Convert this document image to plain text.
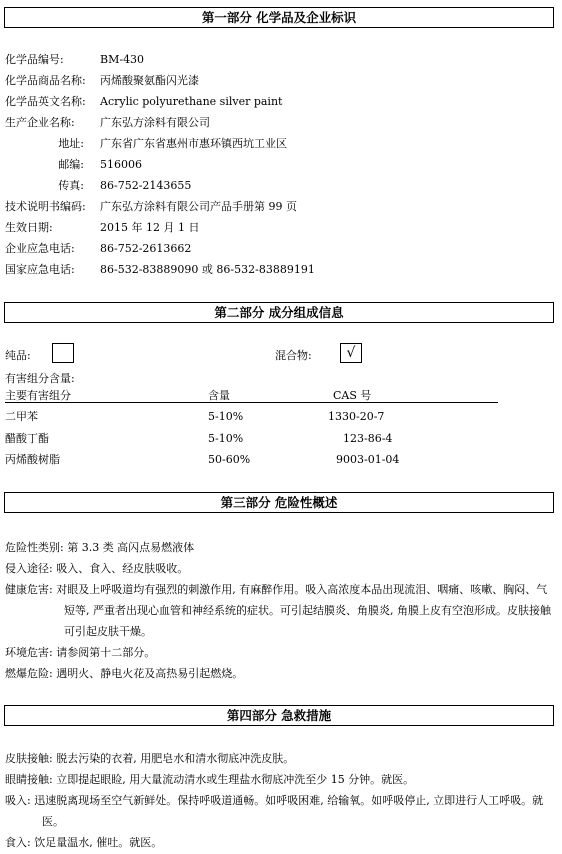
第一部分 化学品及企业标识
化学品编号:	BM-430
化学品商品名称: 丙烯酸聚氨酯闪光漆
化学品英文名称: Acrylic polyurethane silver paint
生产企业名称: 广东弘方涂料有限公司
地址: 广东省广东省惠州市惠环镇西坑工业区
邮编: 516006
传真: 86-752-2143655
技术说明书编码: 广东弘方涂料有限公司产品手册第 99 页
生效日期:	2015 年 12 月 1 日
企业应急电话: 86-752-2613662
国家应急电话: 86-532-83889090 或 86-532-83889191
第二部分 成分组成信息
纯品:	混合物:	√
有害组分含量:
主要有害组分	含量	CAS 号
二甲苯	5-10%	1330-20-7
醋酸丁酯	5-10%	123-86-4
丙烯酸树脂	50-60%	9003-01-04
第三部分 危险性概述
危险性类别: 第 3.3 类 高闪点易燃液体
侵入途径: 吸入、食入、经皮肤吸收。
健康危害: 对眼及上呼吸道均有强烈的刺激作用, 有麻醉作用。吸入高浓度本品出现流泪、咽痛、咳嗽、胸闷、气短等, 严重者出现心血管和神经系统的症状。可引起结膜炎、角膜炎, 角膜上皮有空泡形成。皮肤接触可引起皮肤干燥。
环境危害: 请参阅第十二部分。
燃爆危险: 遇明火、静电火花及高热易引起燃烧。
第四部分 急救措施
皮肤接触: 脱去污染的衣着, 用肥皂水和清水彻底冲洗皮肤。
眼睛接触: 立即提起眼睑, 用大量流动清水或生理盐水彻底冲洗至少 15 分钟。就医。
吸入: 迅速脱离现场至空气新鲜处。保持呼吸道通畅。如呼吸困难, 给输氧。如呼吸停止, 立即进行人工呼吸。就医。
食入: 饮足量温水, 催吐。就医。
